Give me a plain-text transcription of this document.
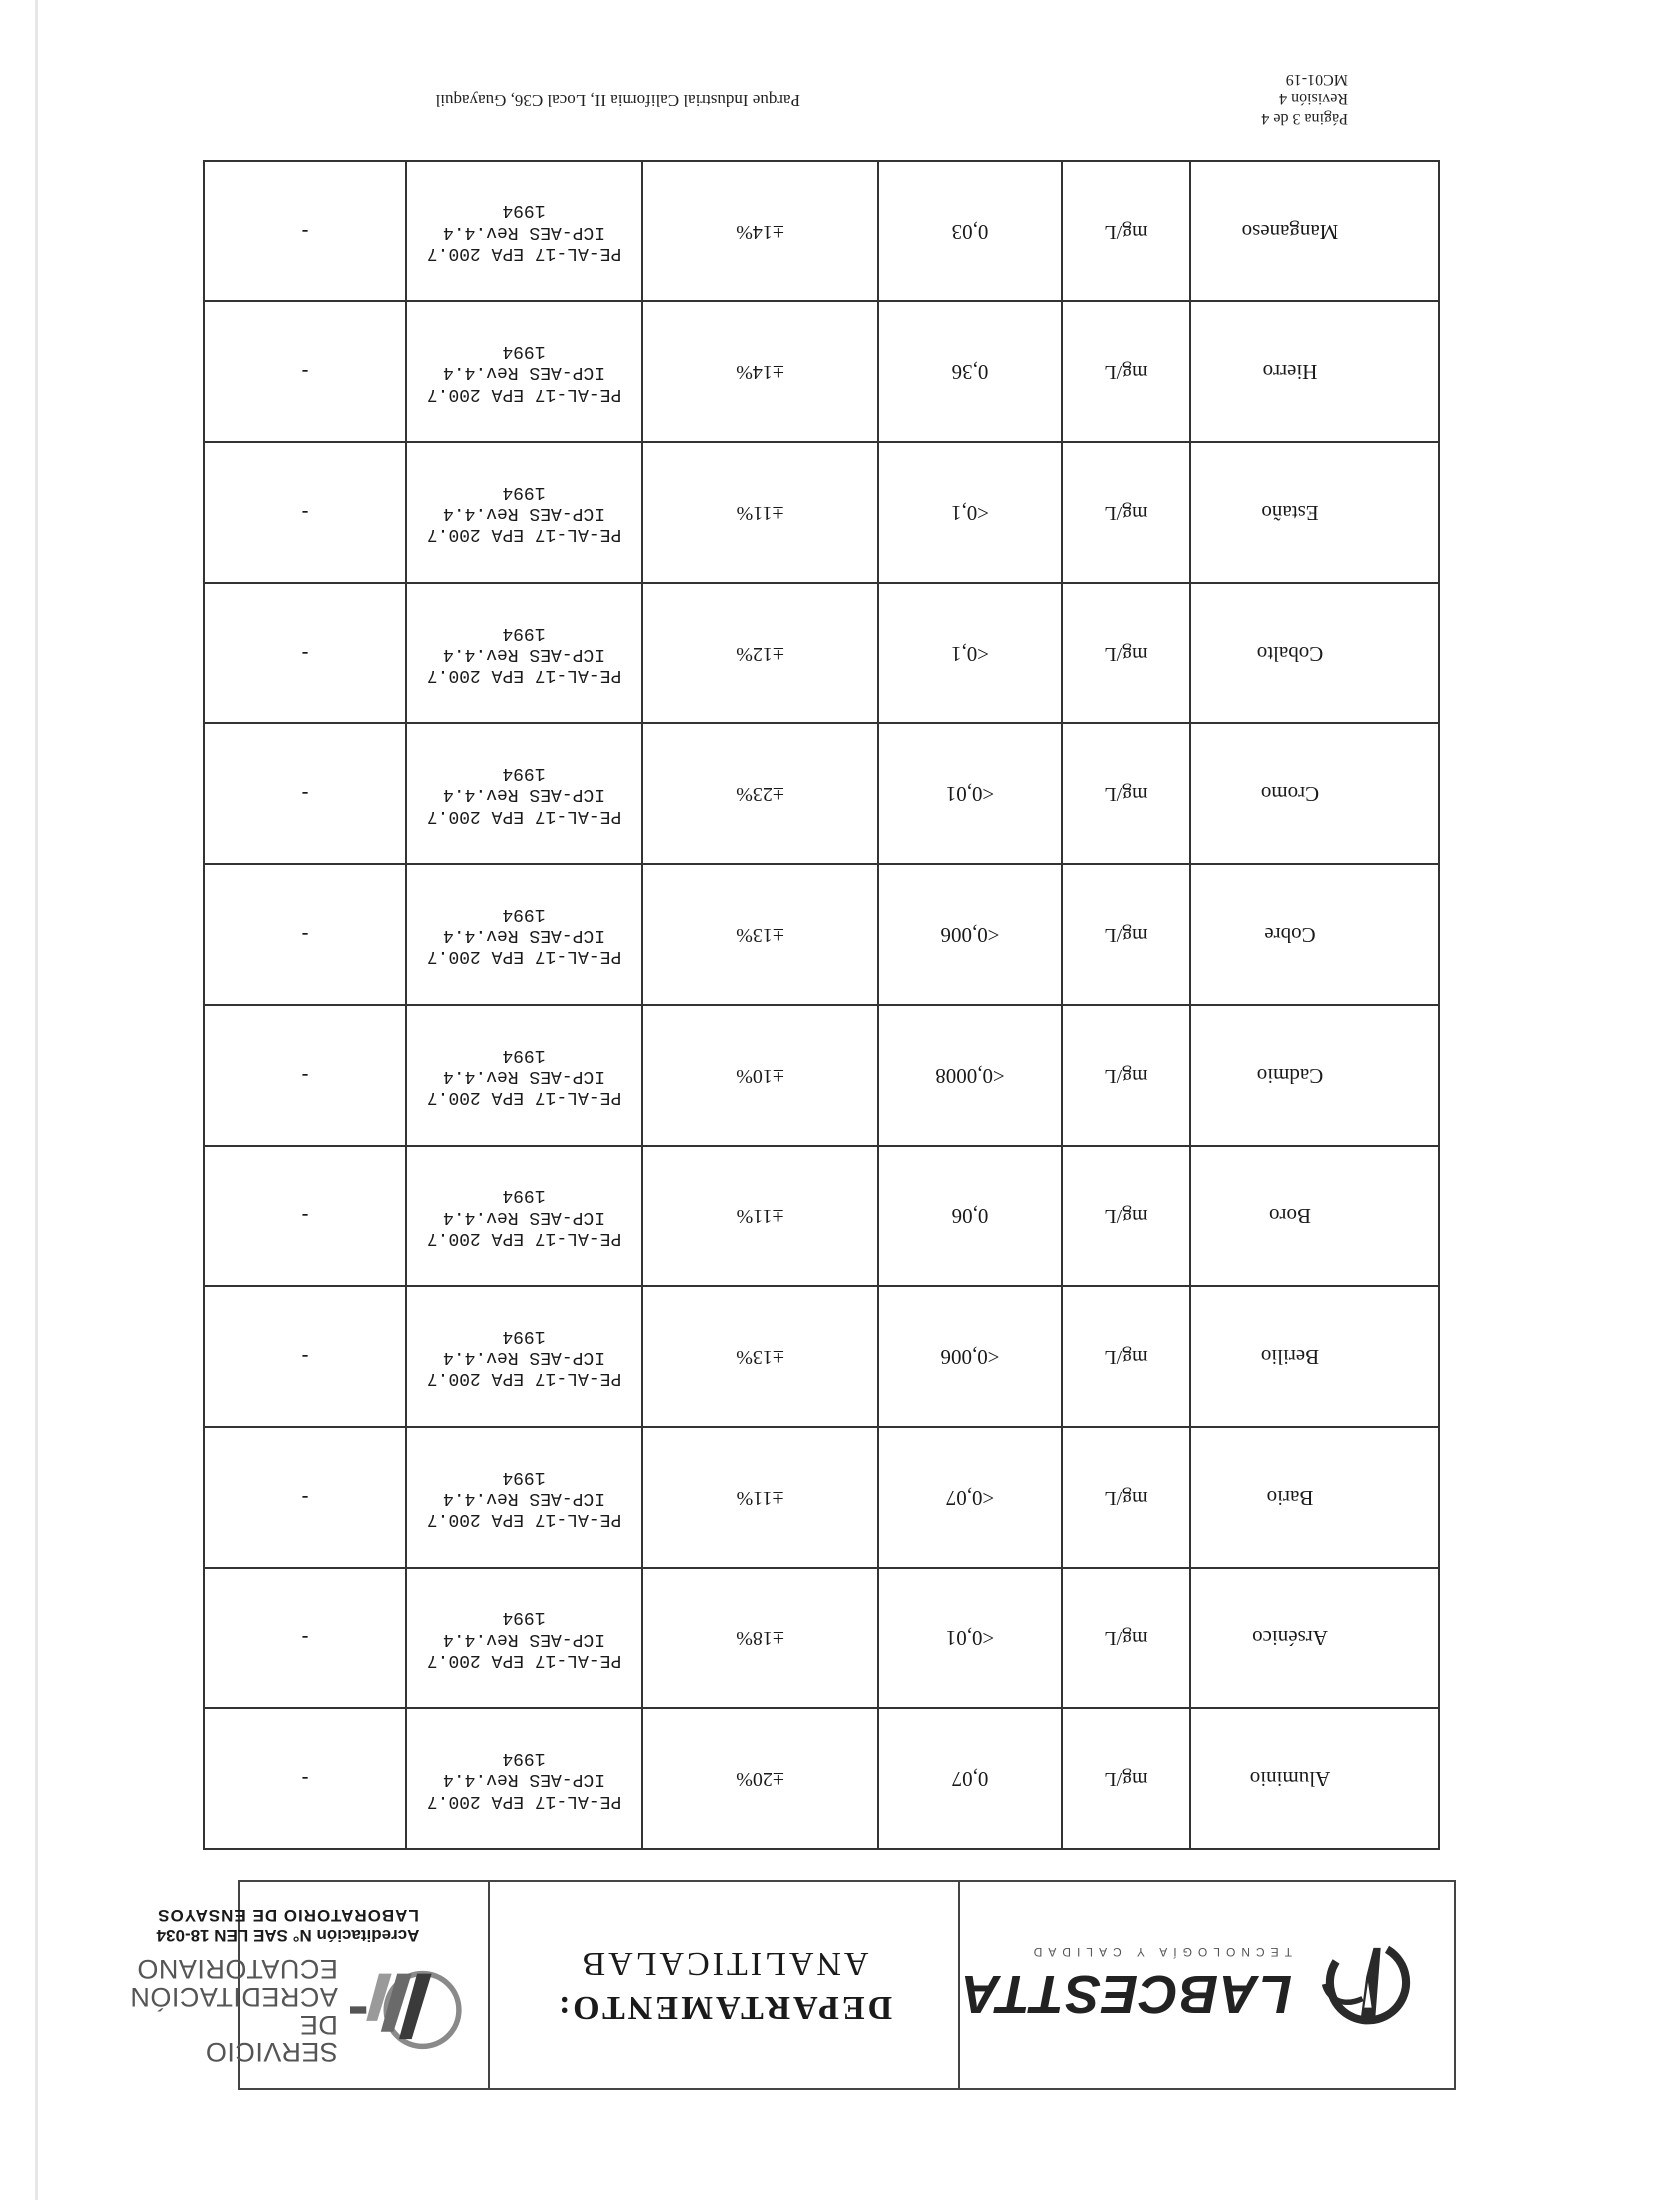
LABCESTTA
TECNOLOGÍA Y CALIDAD
DEPARTAMENTO:
ANALITICALAB
SERVICIO
DE ACREDITACIÓN
ECUATORIANO
Acreditación N° SAE LEN 18-034
LABORATORIO DE ENSAYOS
Aluminio	mg/L	0,07	±20%	PE-AL-17 EPA 200.7
ICP-AES Rev.4.4
1994	-
Arsénico	mg/L	<0,01	±18%	PE-AL-17 EPA 200.7
ICP-AES Rev.4.4
1994	-
Bario	mg/L	<0,07	±11%	PE-AL-17 EPA 200.7
ICP-AES Rev.4.4
1994	-
Berilio	mg/L	<0,006	±13%	PE-AL-17 EPA 200.7
ICP-AES Rev.4.4
1994	-
Boro	mg/L	0,06	±11%	PE-AL-17 EPA 200.7
ICP-AES Rev.4.4
1994	-
Cadmio	mg/L	<0,0008	±10%	PE-AL-17 EPA 200.7
ICP-AES Rev.4.4
1994	-
Cobre	mg/L	<0,006	±13%	PE-AL-17 EPA 200.7
ICP-AES Rev.4.4
1994	-
Cromo	mg/L	<0,01	±23%	PE-AL-17 EPA 200.7
ICP-AES Rev.4.4
1994	-
Cobalto	mg/L	<0,1	±12%	PE-AL-17 EPA 200.7
ICP-AES Rev.4.4
1994	-
Estaño	mg/L	<0,1	±11%	PE-AL-17 EPA 200.7
ICP-AES Rev.4.4
1994	-
Hierro	mg/L	0,36	±14%	PE-AL-17 EPA 200.7
ICP-AES Rev.4.4
1994	-
Manganeso	mg/L	0,03	±14%	PE-AL-17 EPA 200.7
ICP-AES Rev.4.4
1994	-
Página 3 de 4
Revisión 4
MC01-19
Parque Industrial California II, Local C36, Guayaquil
